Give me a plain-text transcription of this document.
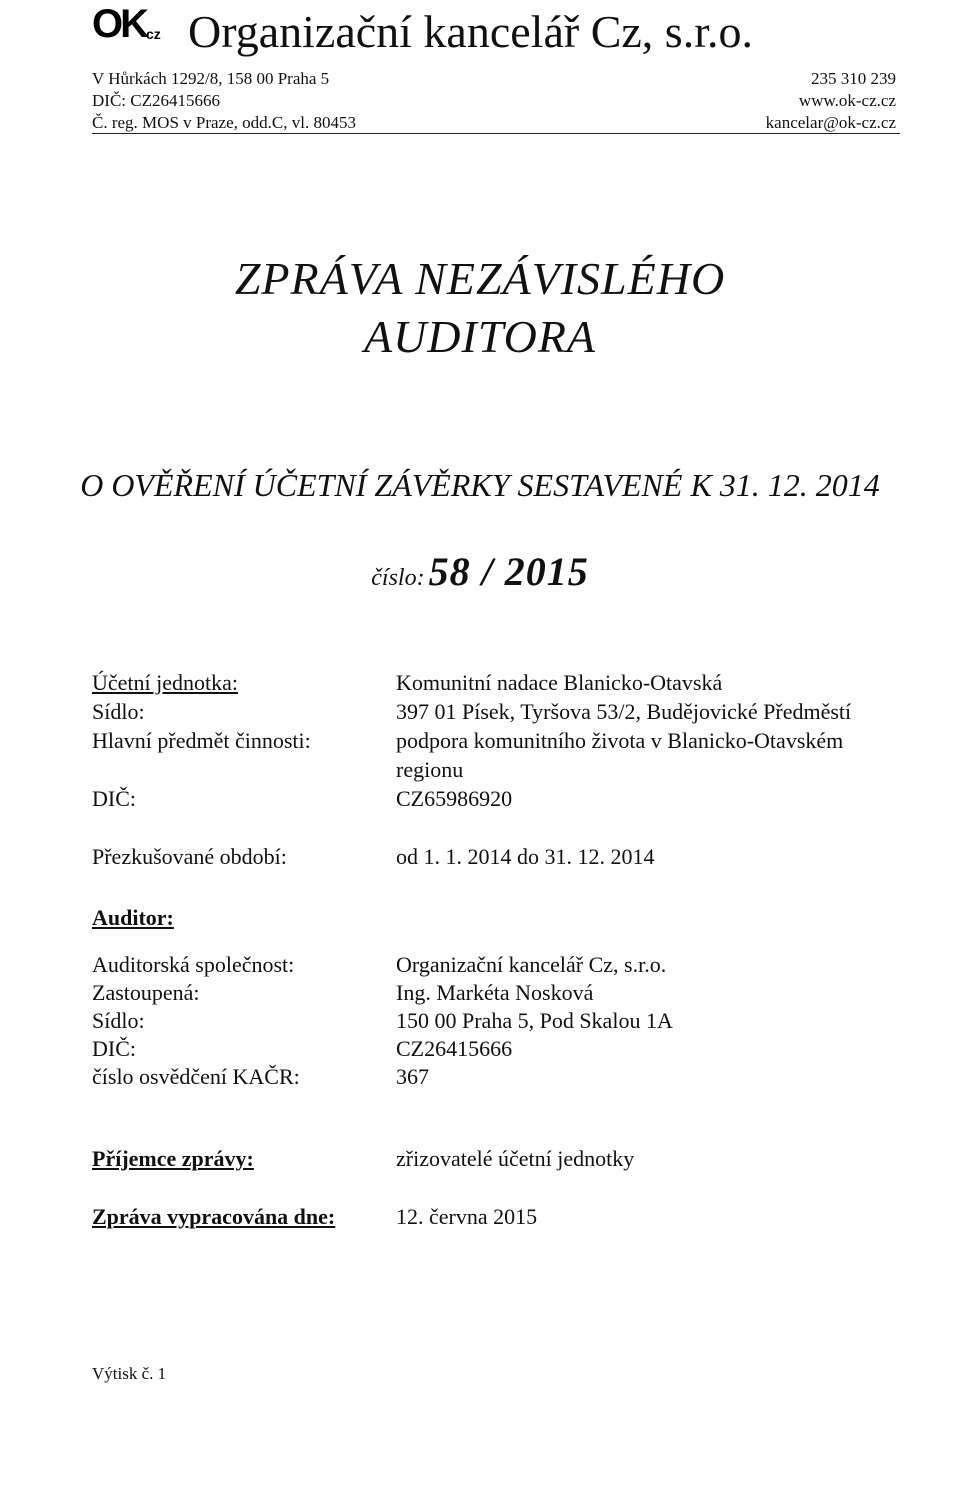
OKcz Organizační kancelář Cz, s.r.o.
V Hůrkách 1292/8, 158 00 Praha 5
DIČ: CZ26415666
Č. reg. MOS v Praze, odd.C, vl. 80453
235 310 239
www.ok-cz.cz
kancelar@ok-cz.cz
ZPRÁVA NEZÁVISLÉHO
AUDITORA
O OVĚŘENÍ ÚČETNÍ ZÁVĚRKY SESTAVENÉ K 31. 12. 2014
číslo: 58 / 2015
Účetní jednotka:	Komunitní nadace Blanicko-Otavská
Sídlo:	397 01 Písek, Tyršova 53/2, Budějovické Předměstí
Hlavní předmět činnosti:	podpora komunitního života v Blanicko-Otavském
regionu
DIČ:	CZ65986920
Přezkušované období:	od 1. 1. 2014 do 31. 12. 2014
Auditor:
Auditorská společnost:	Organizační kancelář Cz, s.r.o.
Zastoupená:	Ing. Markéta Nosková
Sídlo:	150 00 Praha 5, Pod Skalou 1A
DIČ:	CZ26415666
číslo osvědčení KAČR:	367
Příjemce zprávy:	zřizovatelé účetní jednotky
Zpráva vypracována dne:	12. června 2015
Výtisk č. 1
